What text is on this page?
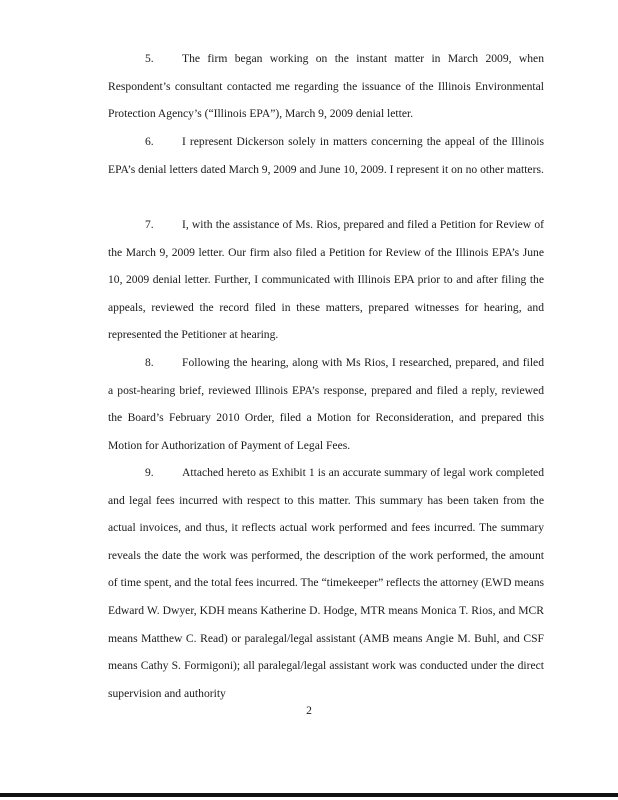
5. The firm began working on the instant matter in March 2009, when Respondent’s consultant contacted me regarding the issuance of the Illinois Environmental Protection Agency’s (“Illinois EPA”), March 9, 2009 denial letter.

6. I represent Dickerson solely in matters concerning the appeal of the Illinois EPA’s denial letters dated March 9, 2009 and June 10, 2009. I represent it on no other matters.

7. I, with the assistance of Ms. Rios, prepared and filed a Petition for Review of the March 9, 2009 letter. Our firm also filed a Petition for Review of the Illinois EPA’s June 10, 2009 denial letter. Further, I communicated with Illinois EPA prior to and after filing the appeals, reviewed the record filed in these matters, prepared witnesses for hearing, and represented the Petitioner at hearing.

8. Following the hearing, along with Ms Rios, I researched, prepared, and filed a post-hearing brief, reviewed Illinois EPA’s response, prepared and filed a reply, reviewed the Board’s February 2010 Order, filed a Motion for Reconsideration, and prepared this Motion for Authorization of Payment of Legal Fees.

9. Attached hereto as Exhibit 1 is an accurate summary of legal work completed and legal fees incurred with respect to this matter. This summary has been taken from the actual invoices, and thus, it reflects actual work performed and fees incurred. The summary reveals the date the work was performed, the description of the work performed, the amount of time spent, and the total fees incurred. The “timekeeper” reflects the attorney (EWD means Edward W. Dwyer, KDH means Katherine D. Hodge, MTR means Monica T. Rios, and MCR means Matthew C. Read) or paralegal/legal assistant (AMB means Angie M. Buhl, and CSF means Cathy S. Formigoni); all paralegal/legal assistant work was conducted under the direct supervision and authority

2
